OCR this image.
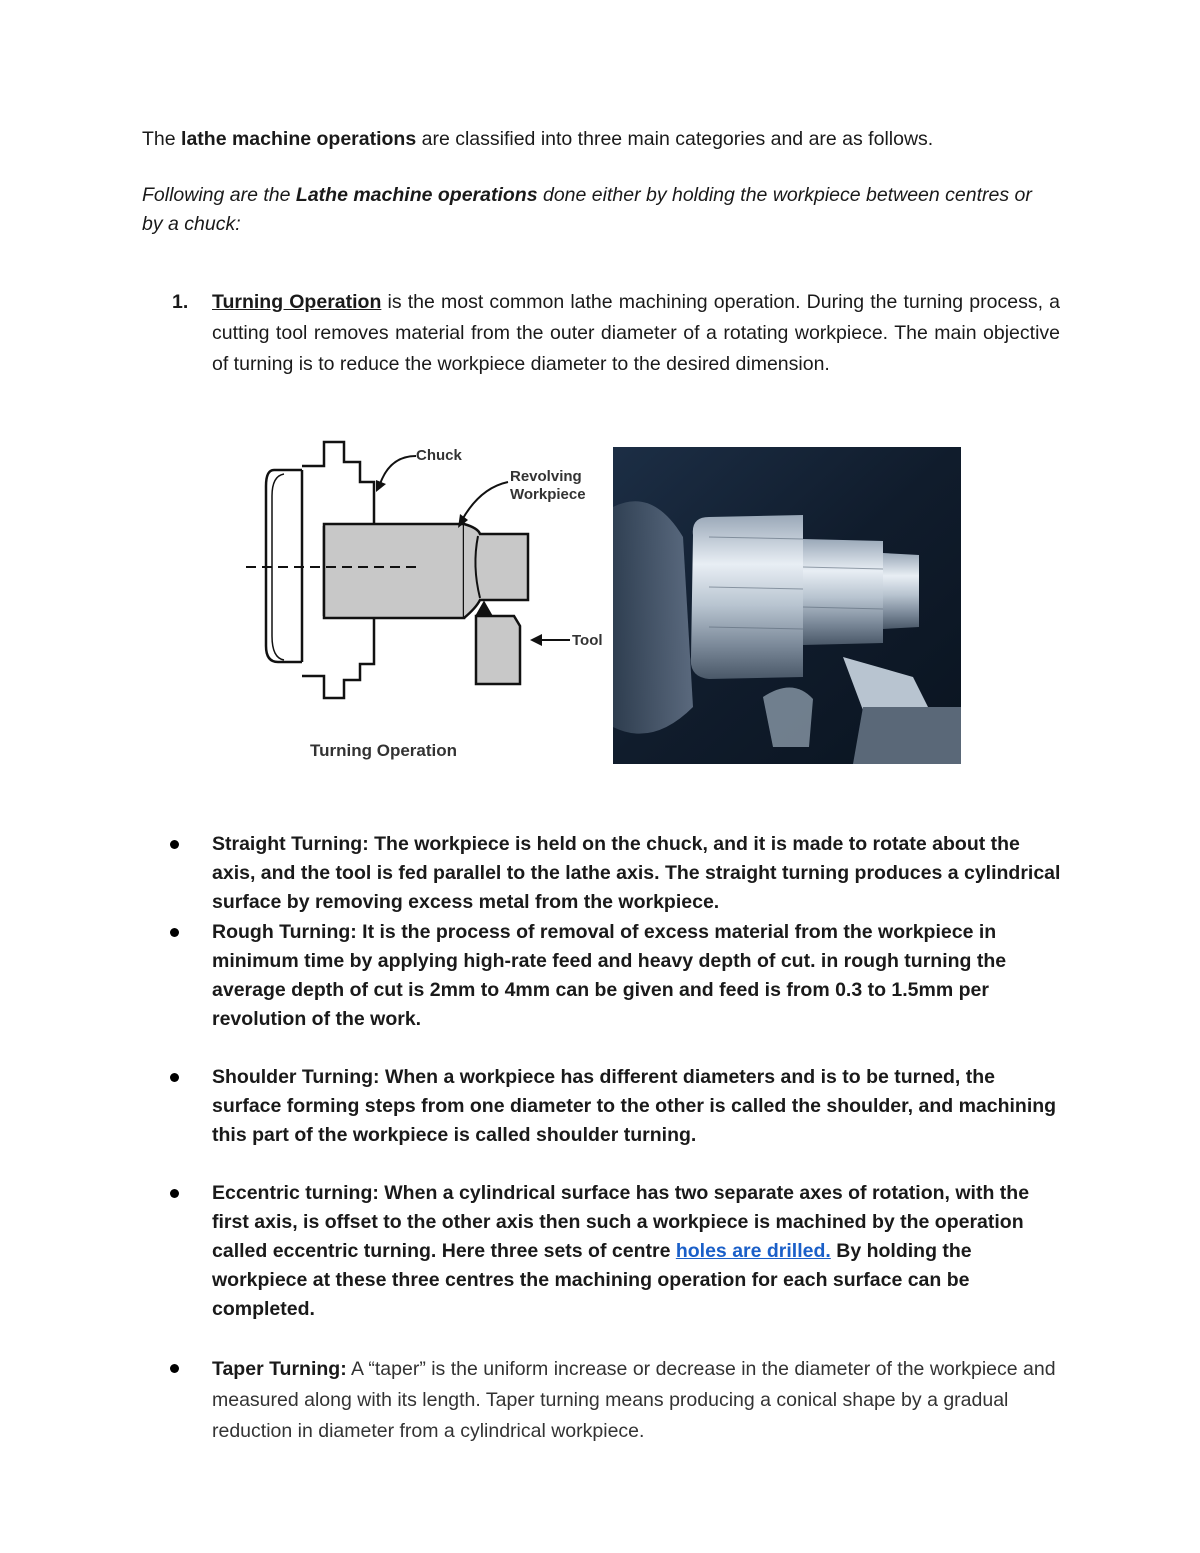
The lathe machine operations are classified into three main categories and are as follows.
Following are the Lathe machine operations done either by holding the workpiece between centres or by a chuck:
1. Turning Operation is the most common lathe machining operation. During the turning process, a cutting tool removes material from the outer diameter of a rotating workpiece. The main objective of turning is to reduce the workpiece diameter to the desired dimension.
Chuck
Revolving
Workpiece
Tool
Turning Operation
Straight Turning: The workpiece is held on the chuck, and it is made to rotate about the axis, and the tool is fed parallel to the lathe axis. The straight turning produces a cylindrical surface by removing excess metal from the workpiece.
Rough Turning: It is the process of removal of excess material from the workpiece in minimum time by applying high-rate feed and heavy depth of cut. in rough turning the average depth of cut is 2mm to 4mm can be given and feed is from 0.3 to 1.5mm per revolution of the work.
Shoulder Turning: When a workpiece has different diameters and is to be turned, the surface forming steps from one diameter to the other is called the shoulder, and machining this part of the workpiece is called shoulder turning.
Eccentric turning: When a cylindrical surface has two separate axes of rotation, with the first axis, is offset to the other axis then such a workpiece is machined by the operation called eccentric turning. Here three sets of centre holes are drilled. By holding the workpiece at these three centres the machining operation for each surface can be completed.
Taper Turning: A “taper” is the uniform increase or decrease in the diameter of the workpiece and measured along with its length. Taper turning means producing a conical shape by a gradual reduction in diameter from a cylindrical workpiece.
